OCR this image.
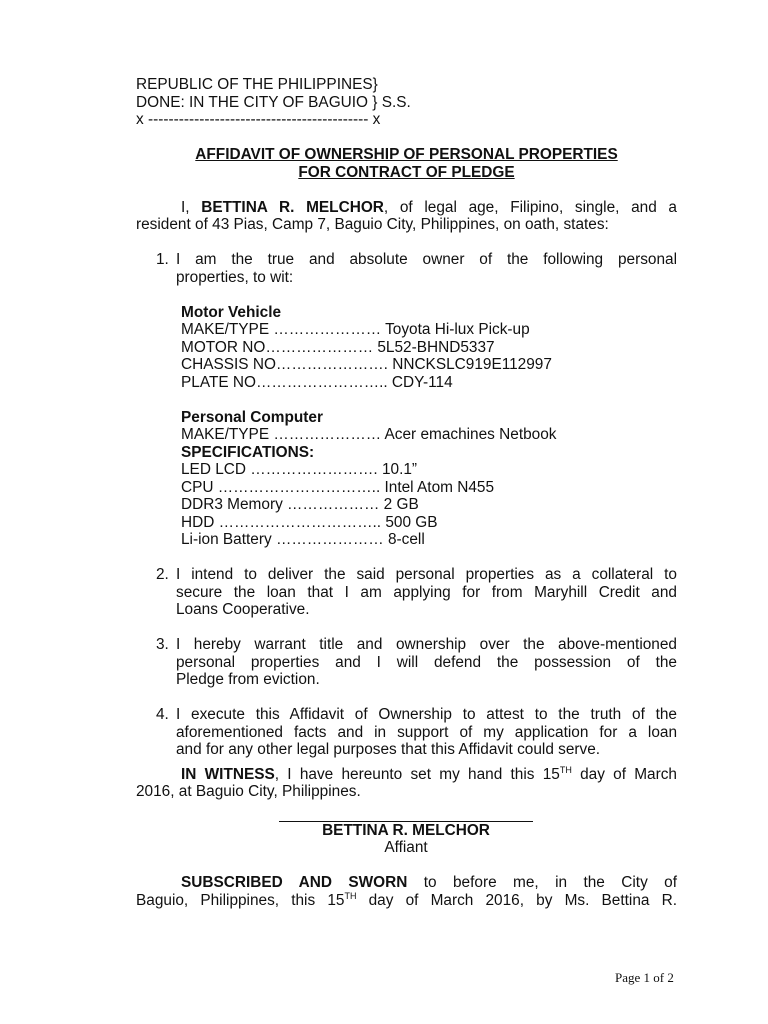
REPUBLIC OF THE PHILIPPINES}
DONE: IN THE CITY OF BAGUIO } S.S.
x ------------------------------------------- x
AFFIDAVIT OF OWNERSHIP OF PERSONAL PROPERTIES
FOR CONTRACT OF PLEDGE
I, BETTINA R. MELCHOR, of legal age, Filipino, single, and a
resident of 43 Pias, Camp 7, Baguio City, Philippines, on oath, states:
1. I am the true and absolute owner of the following personal
properties, to wit:
Motor Vehicle
MAKE/TYPE ………………… Toyota Hi-lux Pick-up
MOTOR NO………………… 5L52-BHND5337
CHASSIS NO…………………. NNCKSLC919E112997
PLATE NO…………………….. CDY-114
Personal Computer
MAKE/TYPE ………………… Acer emachines Netbook
SPECIFICATIONS:
LED LCD ……………………. 10.1”
CPU ………………………….. Intel Atom N455
DDR3 Memory ……………… 2 GB
HDD ………………………….. 500 GB
Li-ion Battery ………………… 8-cell
2. I intend to deliver the said personal properties as a collateral to
secure the loan that I am applying for from Maryhill Credit and
Loans Cooperative.
3. I hereby warrant title and ownership over the above-mentioned
personal properties and I will defend the possession of the
Pledge from eviction.
4. I execute this Affidavit of Ownership to attest to the truth of the
aforementioned facts and in support of my application for a loan
and for any other legal purposes that this Affidavit could serve.
IN WITNESS, I have hereunto set my hand this 15TH day of March
2016, at Baguio City, Philippines.
BETTINA R. MELCHOR
Affiant
SUBSCRIBED AND SWORN to before me, in the City of
Baguio, Philippines, this 15TH day of March 2016, by Ms. Bettina R.
Page 1 of 2
